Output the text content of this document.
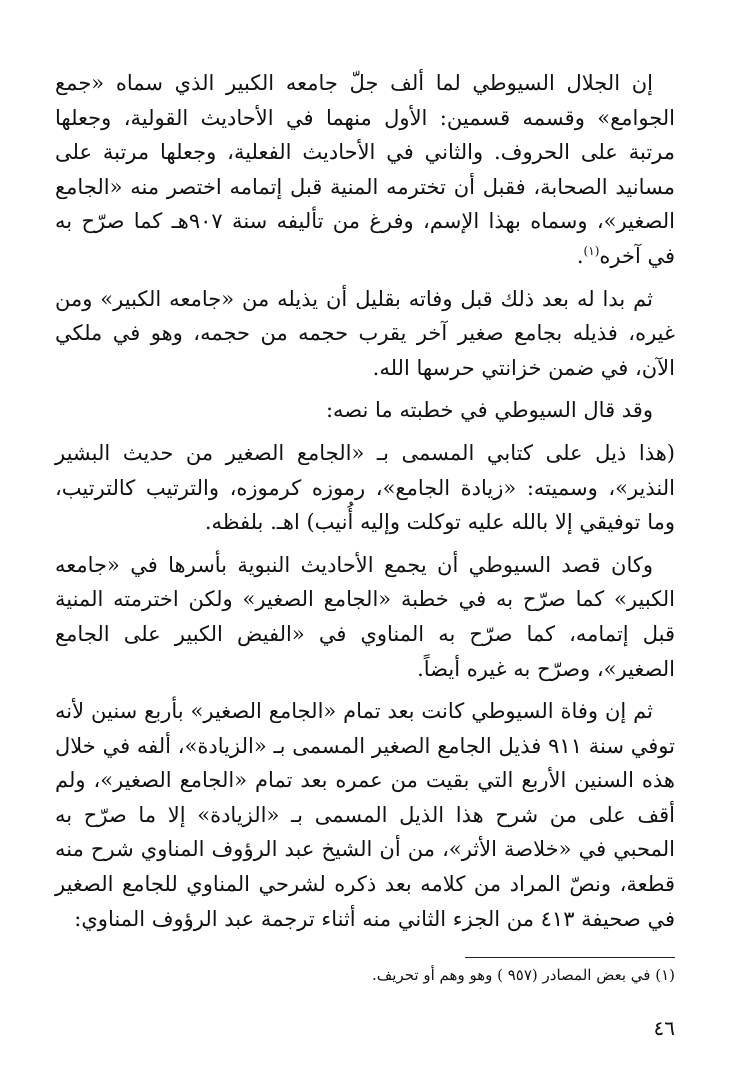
إن الجلال السيوطي لما ألف جلّ جامعه الكبير الذي سماه «جمع الجوامع» وقسمه قسمين: الأول منهما في الأحاديث القولية، وجعلها مرتبة على الحروف. والثاني في الأحاديث الفعلية، وجعلها مرتبة على مسانيد الصحابة، فقبل أن تخترمه المنية قبل إتمامه اختصر منه «الجامع الصغير»، وسماه بهذا الإسم، وفرغ من تأليفه سنة ٩٠٧هـ كما صرّح به في آخره$^{(١)}$.

ثم بدا له بعد ذلك قبل وفاته بقليل أن يذيله من «جامعه الكبير» ومن غيره، فذيله بجامع صغير آخر يقرب حجمه من حجمه، وهو في ملكي الآن، في ضمن خزانتي حرسها الله.

وقد قال السيوطي في خطبته ما نصه:

(هذا ذيل على كتابي المسمى بـ «الجامع الصغير من حديث البشير النذير»، وسميته: «زيادة الجامع»، رموزه كرموزه، والترتيب كالترتيب، وما توفيقي إلا بالله عليه توكلت وإليه أُنيب) اهـ. بلفظه.

وكان قصد السيوطي أن يجمع الأحاديث النبوية بأسرها في «جامعه الكبير» كما صرّح به في خطبة «الجامع الصغير» ولكن اخترمته المنية قبل إتمامه، كما صرّح به المناوي في «الفيض الكبير على الجامع الصغير»، وصرّح به غيره أيضاً.

ثم إن وفاة السيوطي كانت بعد تمام «الجامع الصغير» بأربع سنين لأنه توفي سنة ٩١١ فذيل الجامع الصغير المسمى بـ «الزيادة»، ألفه في خلال هذه السنين الأربع التي بقيت من عمره بعد تمام «الجامع الصغير»، ولم أقف على من شرح هذا الذيل المسمى بـ «الزيادة» إلا ما صرّح به المحبي في «خلاصة الأثر»، من أن الشيخ عبد الرؤوف المناوي شرح منه قطعة، ونصّ المراد من كلامه بعد ذكره لشرحي المناوي للجامع الصغير في صحيفة ٤١٣ من الجزء الثاني منه أثناء ترجمة عبد الرؤوف المناوي:

(١) في بعض المصادر (٩٥٧ ) وهو وهم أو تحريف.
٤٦
